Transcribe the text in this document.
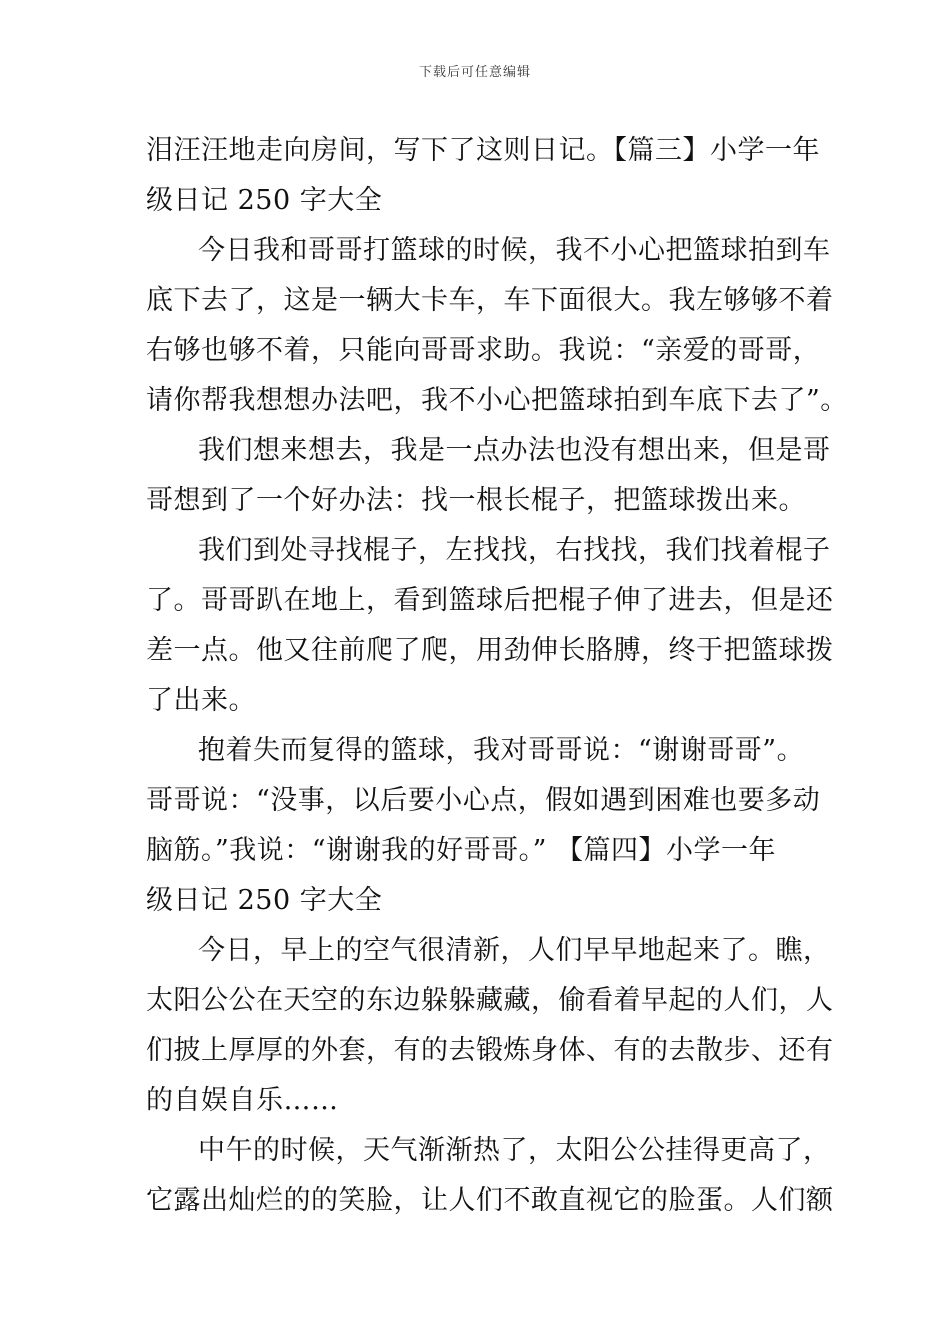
下载后可任意编辑
泪汪汪地走向房间，写下了这则日记。【篇三】小学一年
级日记 250 字大全
今日我和哥哥打篮球的时候，我不小心把篮球拍到车
底下去了，这是一辆大卡车，车下面很大。我左够够不着
右够也够不着，只能向哥哥求助。我说：“亲爱的哥哥，
请你帮我想想办法吧，我不小心把篮球拍到车底下去了”。
我们想来想去，我是一点办法也没有想出来，但是哥
哥想到了一个好办法：找一根长棍子，把篮球拨出来。
我们到处寻找棍子，左找找，右找找，我们找着棍子
了。哥哥趴在地上，看到篮球后把棍子伸了进去，但是还
差一点。他又往前爬了爬，用劲伸长胳膊，终于把篮球拨
了出来。
抱着失而复得的篮球，我对哥哥说：“谢谢哥哥”。
哥哥说：“没事，以后要小心点，假如遇到困难也要多动
脑筋。”我说：“谢谢我的好哥哥。” 【篇四】小学一年
级日记 250 字大全
今日，早上的空气很清新，人们早早地起来了。瞧，
太阳公公在天空的东边躲躲藏藏，偷看着早起的人们，人
们披上厚厚的外套，有的去锻炼身体、有的去散步、还有
的自娱自乐……
中午的时候，天气渐渐热了，太阳公公挂得更高了，
它露出灿烂的的笑脸，让人们不敢直视它的脸蛋。人们额
